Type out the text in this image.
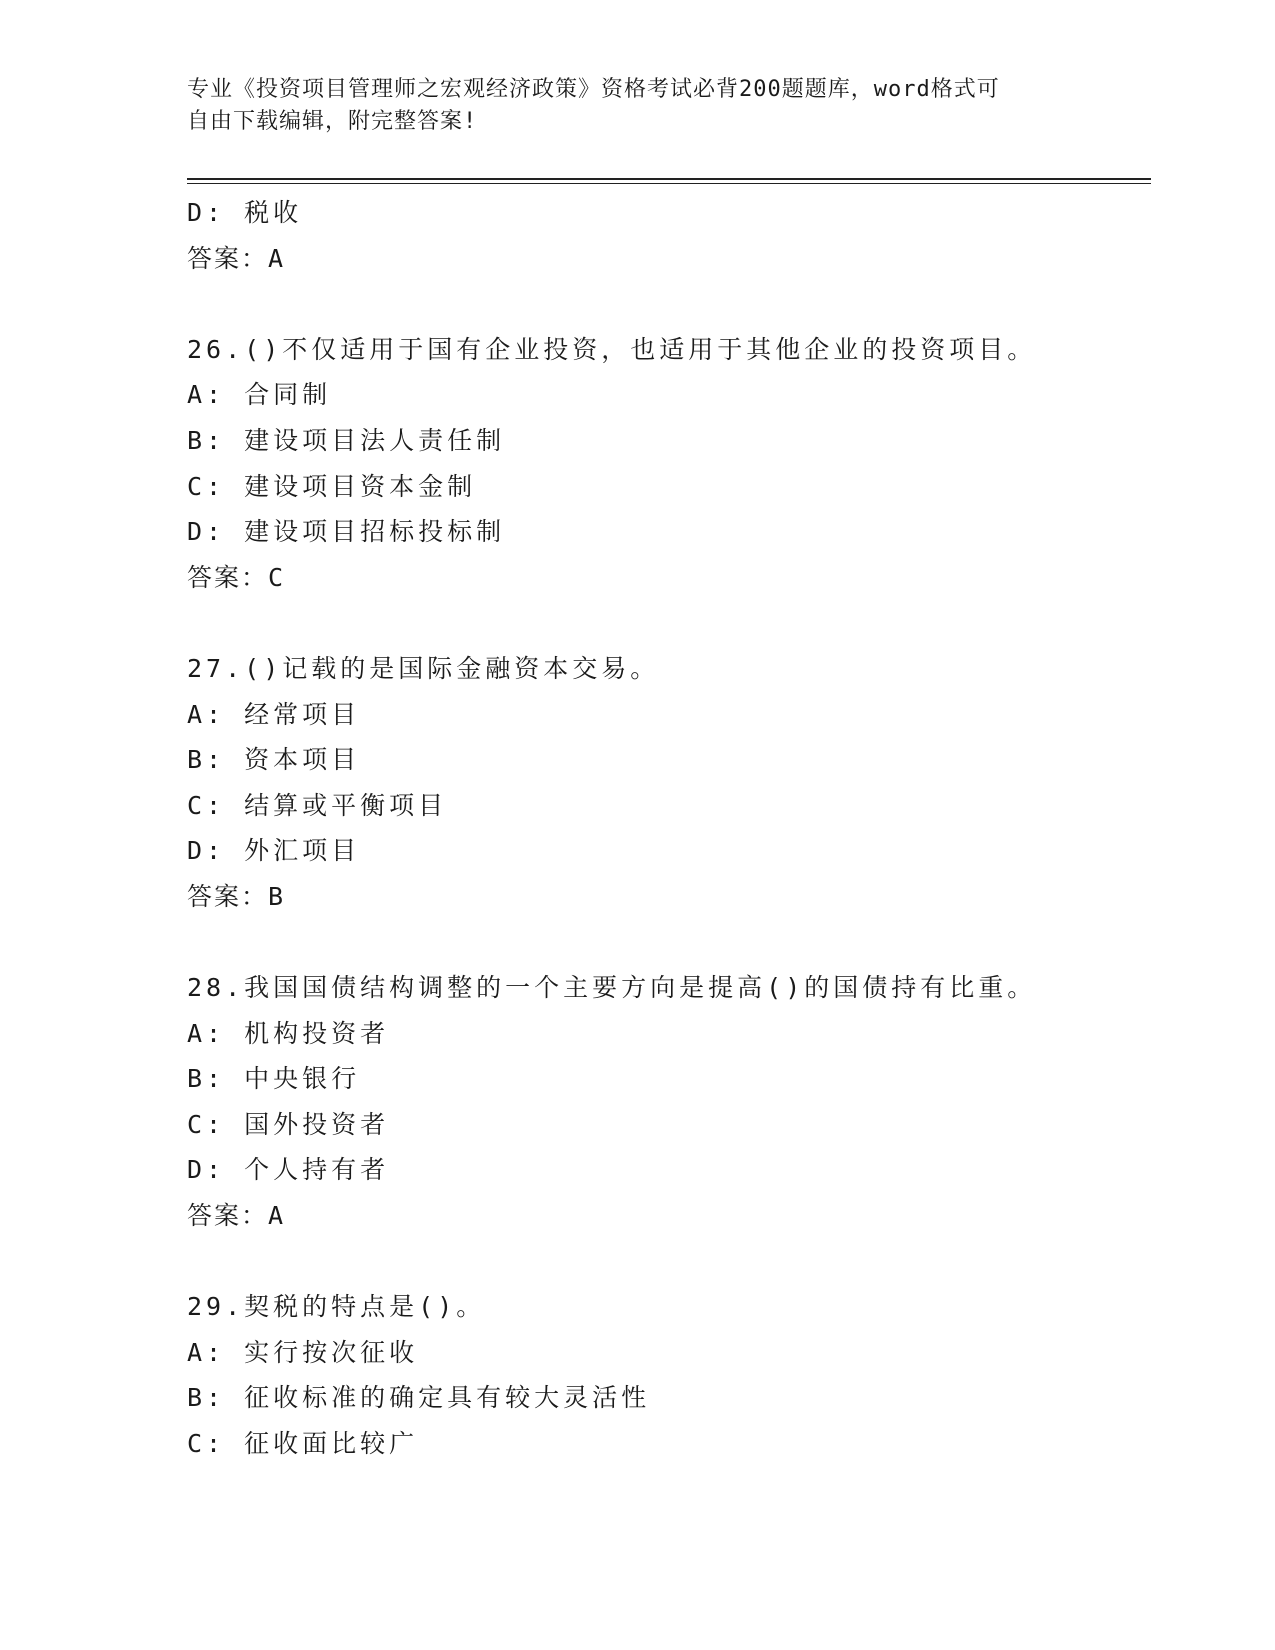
专业《投资项目管理师之宏观经济政策》资格考试必背200题题库，word格式可
自由下载编辑，附完整答案!
D: 税收
答案：A
26.()不仅适用于国有企业投资，也适用于其他企业的投资项目。
A: 合同制
B: 建设项目法人责任制
C: 建设项目资本金制
D: 建设项目招标投标制
答案：C
27.()记载的是国际金融资本交易。
A: 经常项目
B: 资本项目
C: 结算或平衡项目
D: 外汇项目
答案：B
28.我国国债结构调整的一个主要方向是提高()的国债持有比重。
A: 机构投资者
B: 中央银行
C: 国外投资者
D: 个人持有者
答案：A
29.契税的特点是()。
A: 实行按次征收
B: 征收标准的确定具有较大灵活性
C: 征收面比较广
